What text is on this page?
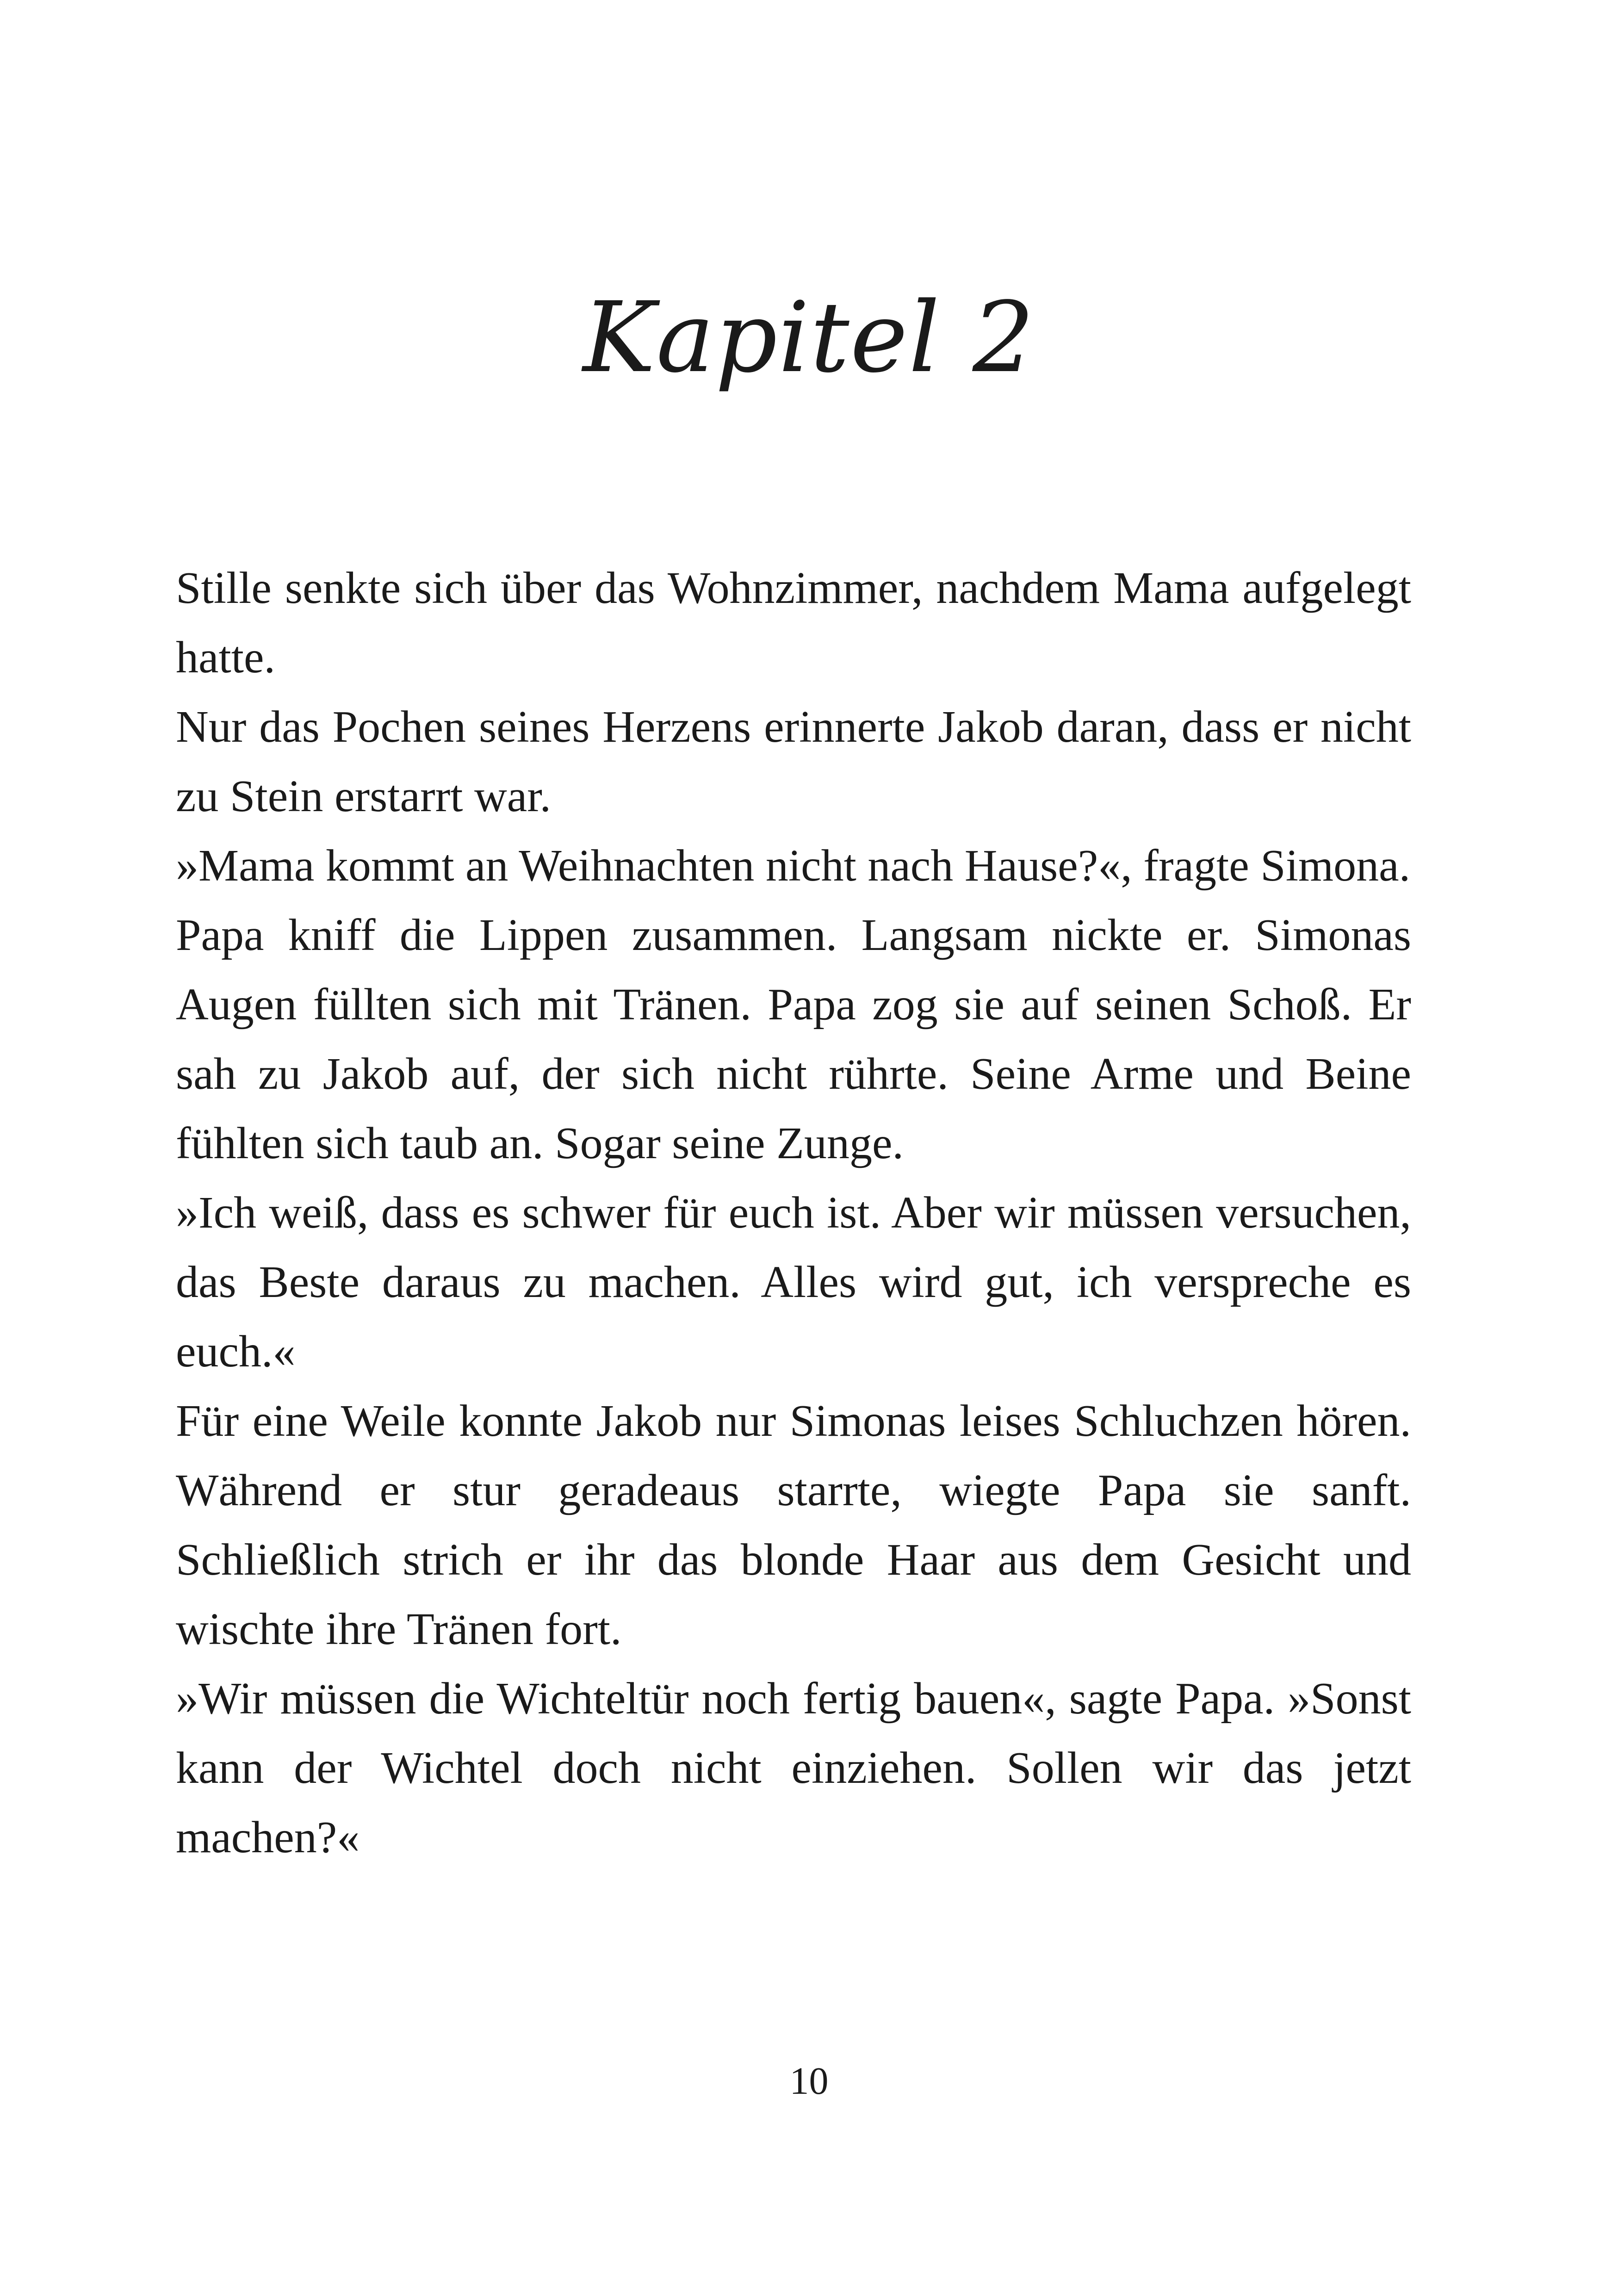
Kapitel 2

Stille senkte sich über das Wohnzimmer, nachdem Mama aufgelegt hatte.

Nur das Pochen seines Herzens erinnerte Jakob daran, dass er nicht zu Stein erstarrt war.

»Mama kommt an Weihnachten nicht nach Hause?«, fragte Simona.

Papa kniff die Lippen zusammen. Langsam nickte er. Simonas Augen füllten sich mit Tränen. Papa zog sie auf seinen Schoß. Er sah zu Jakob auf, der sich nicht rührte. Seine Arme und Beine fühlten sich taub an. Sogar seine Zunge.

»Ich weiß, dass es schwer für euch ist. Aber wir müssen versuchen, das Beste daraus zu machen. Alles wird gut, ich verspreche es euch.«

Für eine Weile konnte Jakob nur Simonas leises Schluchzen hören. Während er stur geradeaus starrte, wiegte Papa sie sanft. Schließlich strich er ihr das blonde Haar aus dem Gesicht und wischte ihre Tränen fort.

»Wir müssen die Wichteltür noch fertig bauen«, sagte Papa. »Sonst kann der Wichtel doch nicht einziehen. Sollen wir das jetzt machen?«

10
